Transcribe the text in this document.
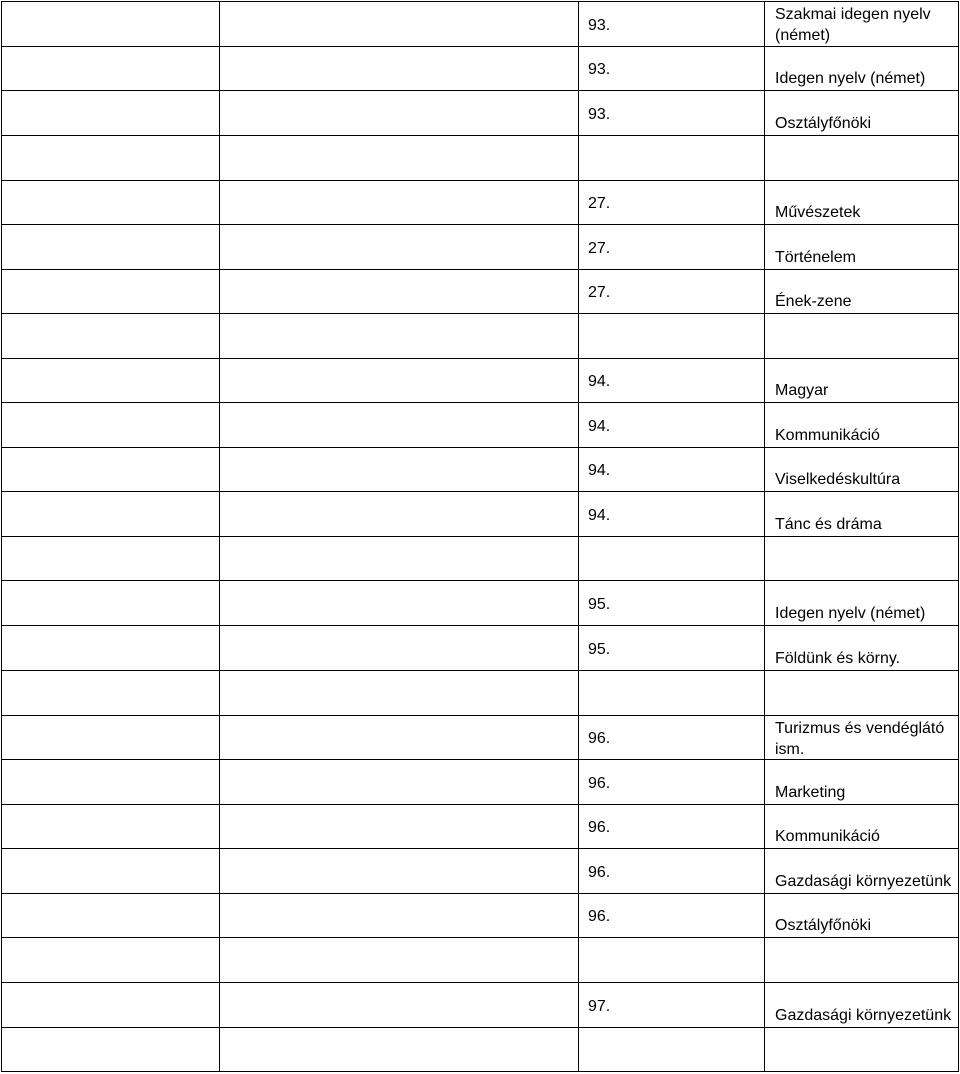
93.
Szakmai idegen nyelv (német)
93.
Idegen nyelv (német)
93.
Osztályfőnöki
27.
Művészetek
27.
Történelem
27.
Ének-zene
94.
Magyar
94.
Kommunikáció
94.
Viselkedéskultúra
94.
Tánc és dráma
95.
Idegen nyelv (német)
95.
Földünk és körny.
96.
Turizmus és vendéglátó ism.
96.
Marketing
96.
Kommunikáció
96.
Gazdasági környezetünk
96.
Osztályfőnöki
97.
Gazdasági környezetünk
